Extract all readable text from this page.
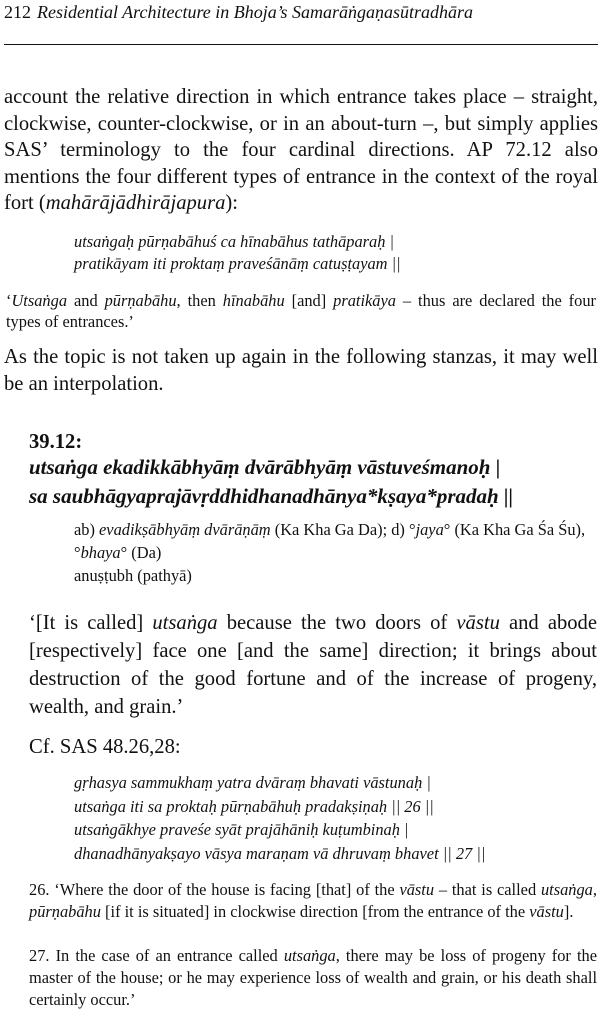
212 Residential Architecture in Bhoja’s Samarāṅgaṇasūtradhāra

account the relative direction in which entrance takes place – straight, clockwise, counter-clockwise, or in an about-turn –, but simply applies SAS’ terminology to the four cardinal directions. AP 72.12 also mentions the four different types of entrance in the context of the royal fort (mahārājādhirājapura):

utsaṅgaḥ pūrṇabāhuś ca hīnabāhus tathāparaḥ |
pratikāyam iti proktaṃ praveśānāṃ catuṣṭayam ||

‘Utsaṅga and pūrṇabāhu, then hīnabāhu [and] pratikāya – thus are declared the four types of entrances.’

As the topic is not taken up again in the following stanzas, it may well be an interpolation.

39.12:
utsaṅga ekadikkābhyāṃ dvārābhyāṃ vāstuveśmanoḥ |
sa saubhāgyaprajāvṛddhidhanadhānya*kṣaya*pradaḥ ||
ab) evadikṣābhyāṃ dvārāṇāṃ (Ka Kha Ga Da); d) °jaya° (Ka Kha Ga Śa Śu), °bhaya° (Da)
anuṣṭubh (pathyā)

‘[It is called] utsaṅga because the two doors of vāstu and abode [respectively] face one [and the same] direction; it brings about destruction of the good fortune and of the increase of progeny, wealth, and grain.’

Cf. SAS 48.26,28:
gṛhasya sammukhaṃ yatra dvāraṃ bhavati vāstunaḥ |
utsaṅga iti sa proktaḥ pūrṇabāhuḥ pradakṣiṇaḥ || 26 ||
utsaṅgākhye praveśe syāt prajāhāniḥ kuṭumbinaḥ |
dhanadhānyakṣayo vāsya maraṇam vā dhruvaṃ bhavet || 27 ||

26. ‘Where the door of the house is facing [that] of the vāstu – that is called utsaṅga, pūrṇabāhu [if it is situated] in clockwise direction [from the entrance of the vāstu].

27. In the case of an entrance called utsaṅga, there may be loss of progeny for the master of the house; or he may experience loss of wealth and grain, or his death shall certainly occur.’
